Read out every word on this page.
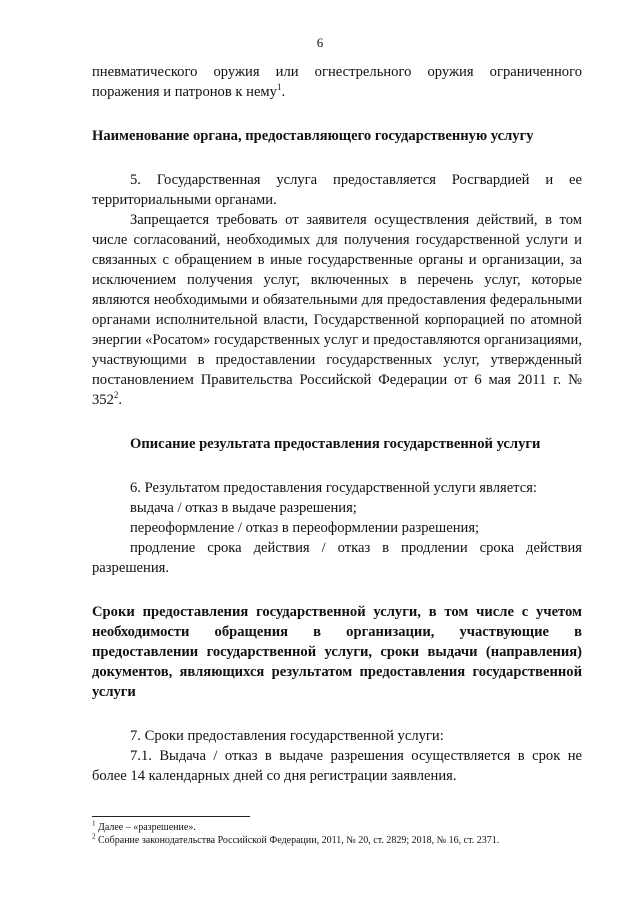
6

пневматического оружия или огнестрельного оружия ограниченного поражения и патронов к нему$^1$.

Наименование органа, предоставляющего государственную услугу

5. Государственная услуга предоставляется Росгвардией и ее территориальными органами.

Запрещается требовать от заявителя осуществления действий, в том числе согласований, необходимых для получения государственной услуги и связанных с обращением в иные государственные органы и организации, за исключением получения услуг, включенных в перечень услуг, которые являются необходимыми и обязательными для предоставления федеральными органами исполнительной власти, Государственной корпорацией по атомной энергии «Росатом» государственных услуг и предоставляются организациями, участвующими в предоставлении государственных услуг, утвержденный постановлением Правительства Российской Федерации от 6 мая 2011 г. № $352^2$.

Описание результата предоставления государственной услуги

6. Результатом предоставления государственной услуги является:

выдача / отказ в выдаче разрешения;

переоформление / отказ в переоформлении разрешения;

продление срока действия / отказ в продлении срока действия разрешения.

Сроки предоставления государственной услуги, в том числе с учетом необходимости обращения в организации, участвующие в предоставлении государственной услуги, сроки выдачи (направления) документов, являющихся результатом предоставления государственной услуги

7. Сроки предоставления государственной услуги:

7.1. Выдача / отказ в выдаче разрешения осуществляется в срок не более 14 календарных дней со дня регистрации заявления.

$^1$ Далее – «разрешение».

$^2$ Собрание законодательства Российской Федерации, 2011, № 20, ст. 2829; 2018, № 16, ст. 2371.
